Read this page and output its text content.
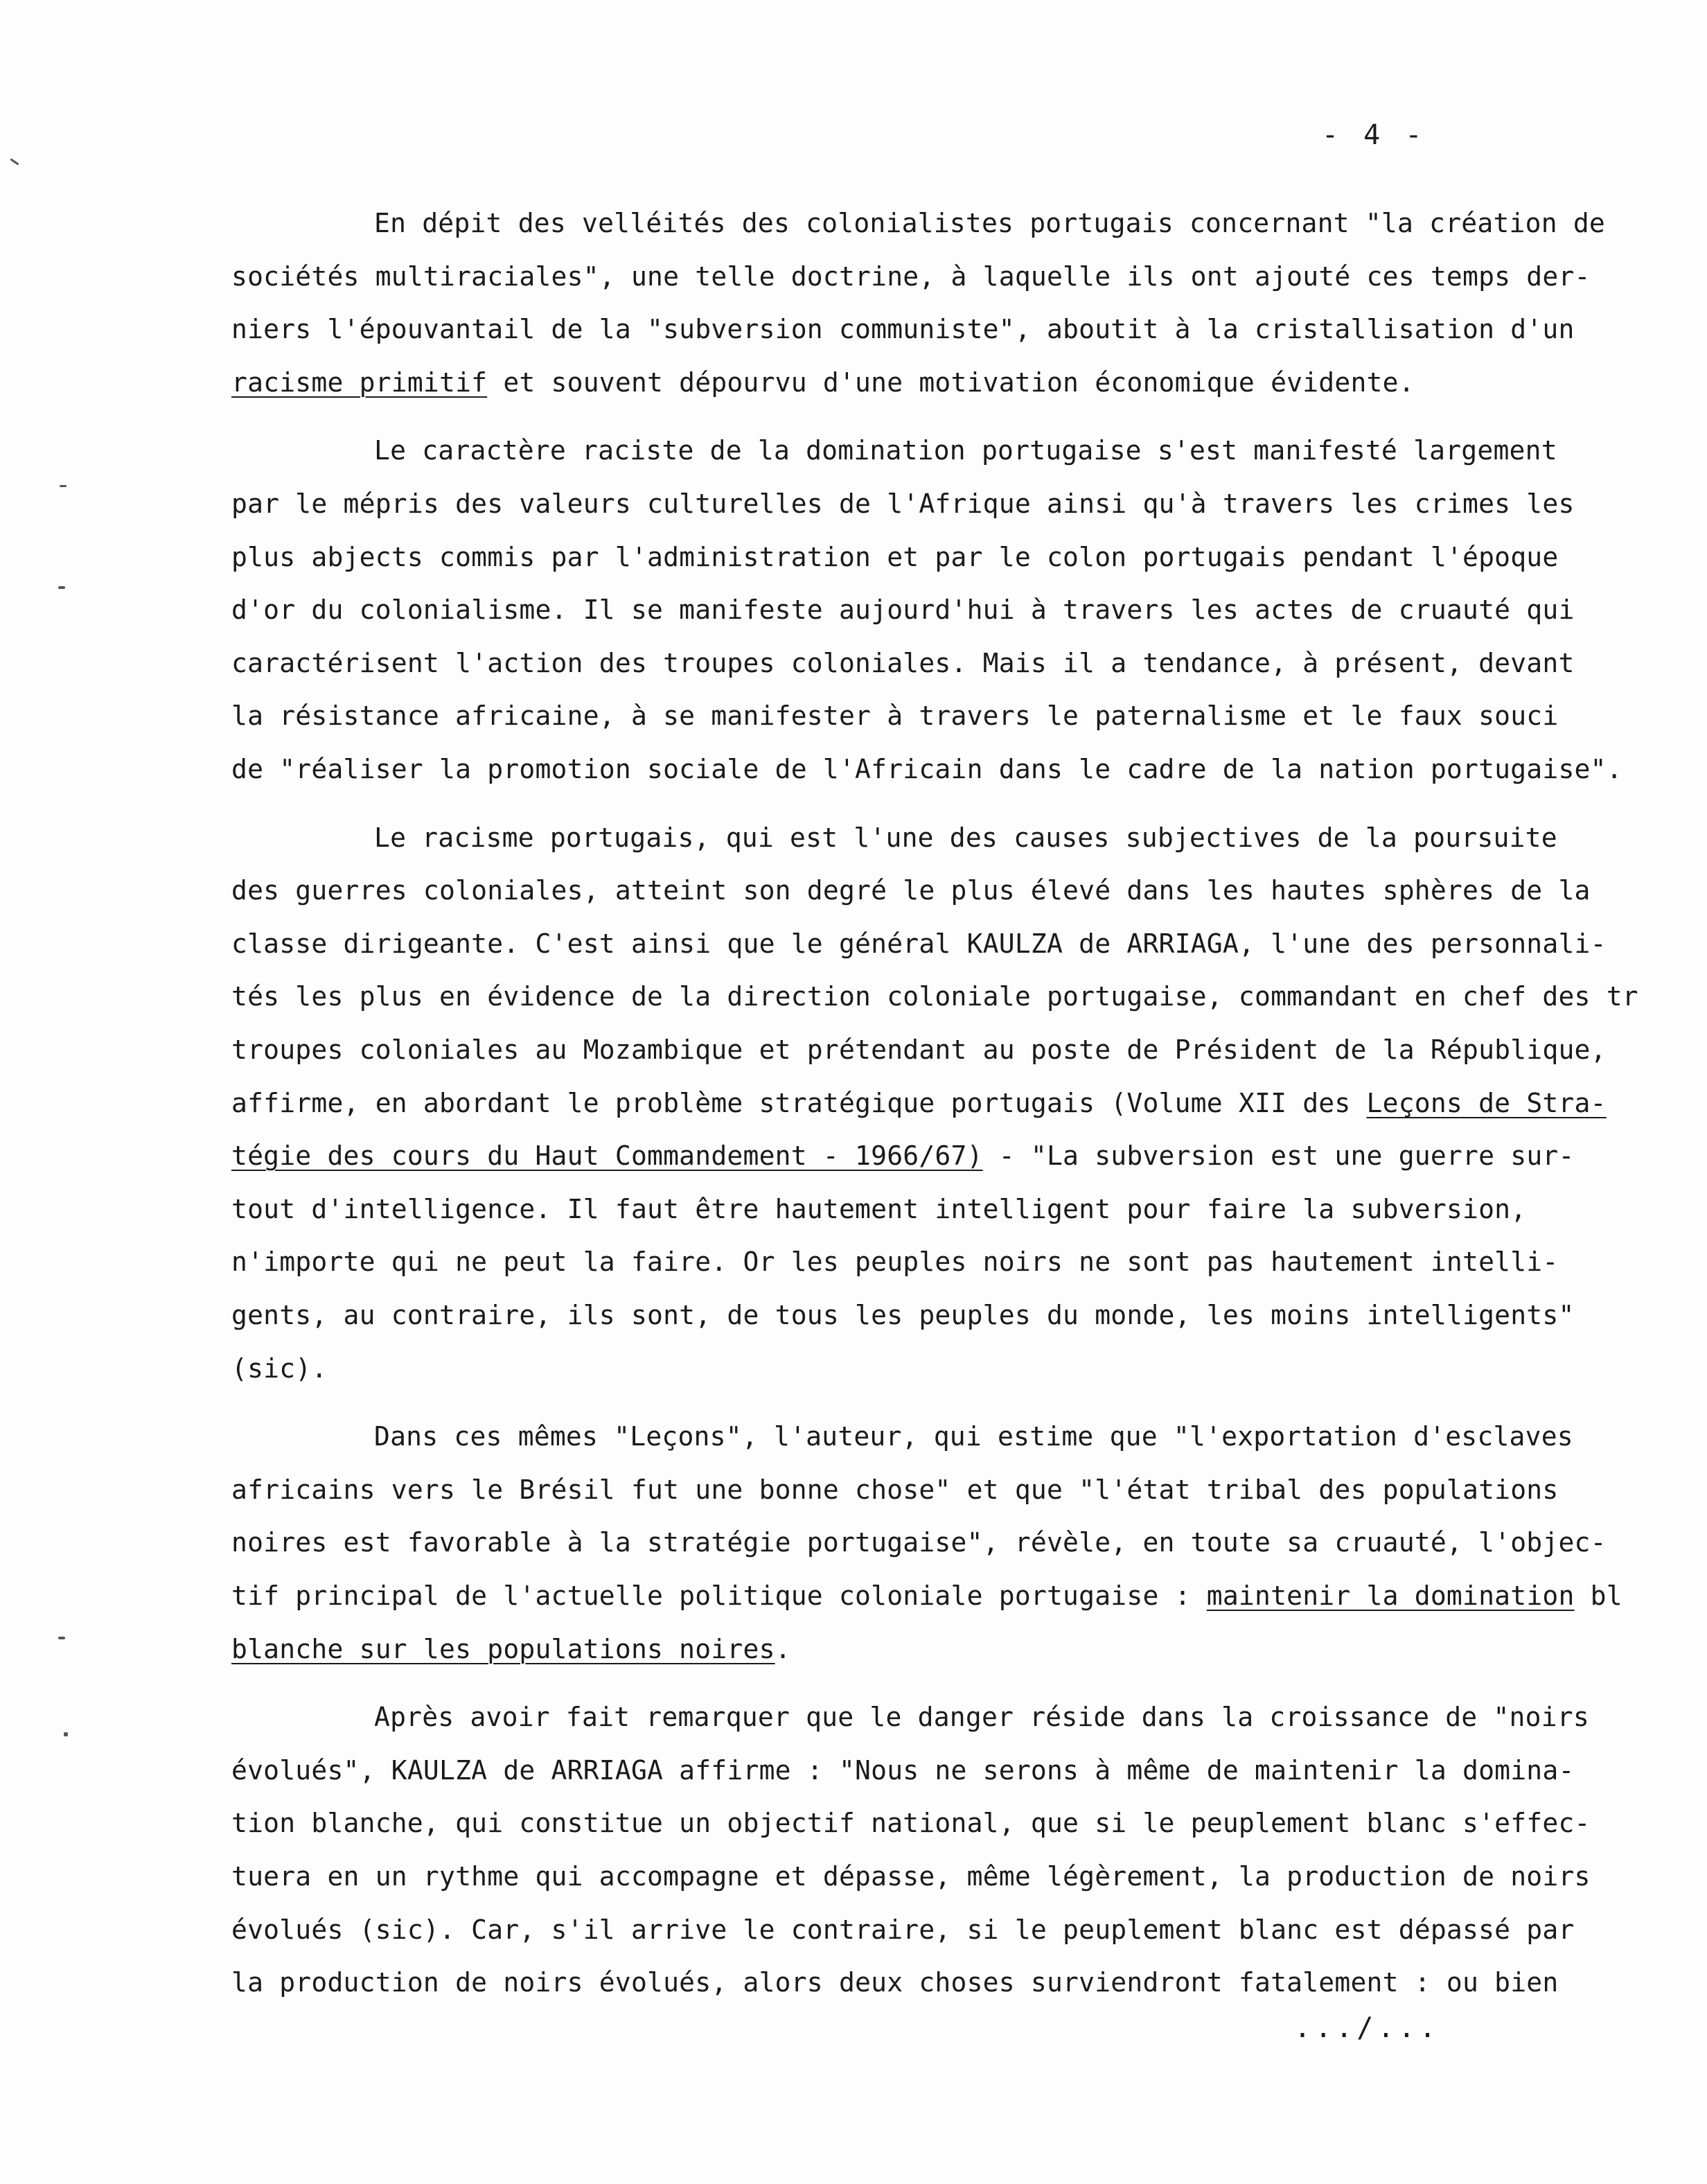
- 4 -
En dépit des velléités des colonialistes portugais concernant "la création de
sociétés multiraciales", une telle doctrine, à laquelle ils ont ajouté ces temps der-
niers l'épouvantail de la "subversion communiste", aboutit à la cristallisation d'un
racisme primitif et souvent dépourvu d'une motivation économique évidente.
Le caractère raciste de la domination portugaise s'est manifesté largement
par le mépris des valeurs culturelles de l'Afrique ainsi qu'à travers les crimes les
plus abjects commis par l'administration et par le colon portugais pendant l'époque
d'or du colonialisme. Il se manifeste aujourd'hui à travers les actes de cruauté qui
caractérisent l'action des troupes coloniales. Mais il a tendance, à présent, devant
la résistance africaine, à se manifester à travers le paternalisme et le faux souci
de "réaliser la promotion sociale de l'Africain dans le cadre de la nation portugaise".
Le racisme portugais, qui est l'une des causes subjectives de la poursuite
des guerres coloniales, atteint son degré le plus élevé dans les hautes sphères de la
classe dirigeante. C'est ainsi que le général KAULZA de ARRIAGA, l'une des personnali-
tés les plus en évidence de la direction coloniale portugaise, commandant en chef des tr
troupes coloniales au Mozambique et prétendant au poste de Président de la République,
affirme, en abordant le problème stratégique portugais (Volume XII des Leçons de Stra-
tégie des cours du Haut Commandement - 1966/67) - "La subversion est une guerre sur-
tout d'intelligence. Il faut être hautement intelligent pour faire la subversion,
n'importe qui ne peut la faire. Or les peuples noirs ne sont pas hautement intelli-
gents, au contraire, ils sont, de tous les peuples du monde, les moins intelligents"
(sic).
Dans ces mêmes "Leçons", l'auteur, qui estime que "l'exportation d'esclaves
africains vers le Brésil fut une bonne chose" et que "l'état tribal des populations
noires est favorable à la stratégie portugaise", révèle, en toute sa cruauté, l'objec-
tif principal de l'actuelle politique coloniale portugaise : maintenir la domination bl
blanche sur les populations noires.
Après avoir fait remarquer que le danger réside dans la croissance de "noirs
évolués", KAULZA de ARRIAGA affirme : "Nous ne serons à même de maintenir la domina-
tion blanche, qui constitue un objectif national, que si le peuplement blanc s'effec-
tuera en un rythme qui accompagne et dépasse, même légèrement, la production de noirs
évolués (sic). Car, s'il arrive le contraire, si le peuplement blanc est dépassé par
la production de noirs évolués, alors deux choses surviendront fatalement : ou bien
.../...
